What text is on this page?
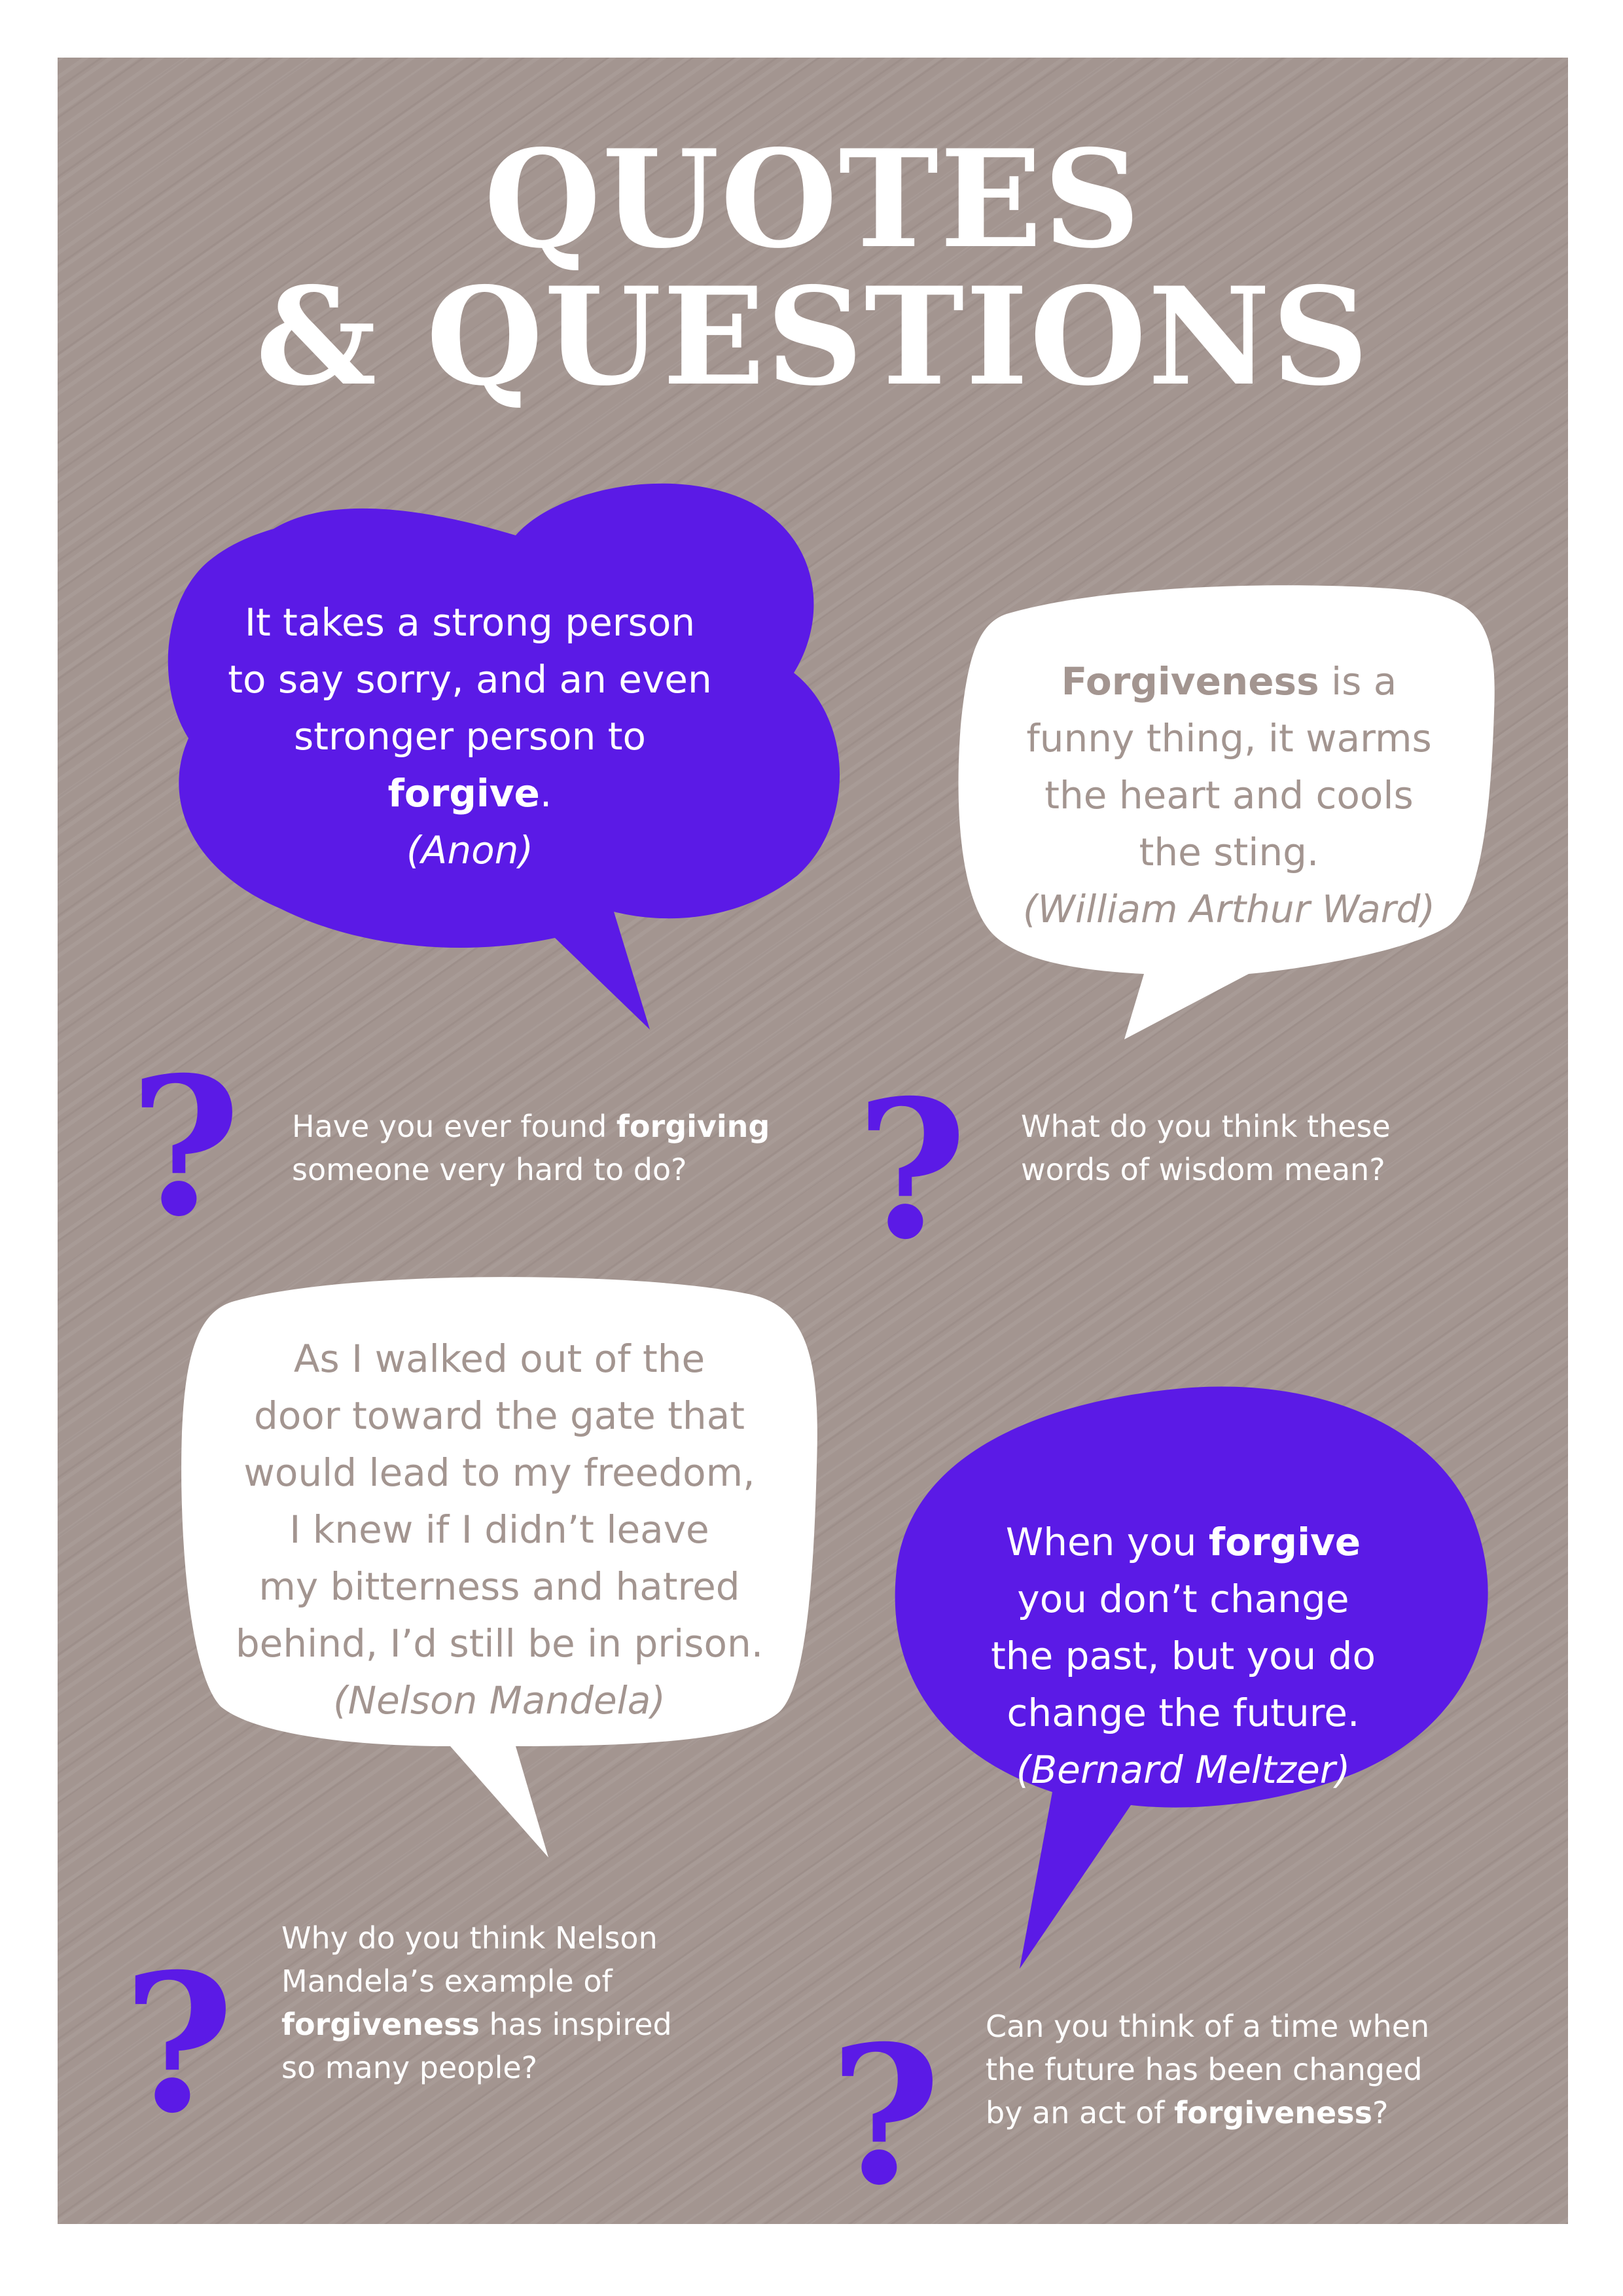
QUOTES
& QUESTIONS

It takes a strong person

to say sorry, and an even

stronger person to forgive.

(Anon)

Forgiveness is a

funny thing, it warms

the heart and cools

the sting.

(William Arthur Ward)

As I walked out of the

door toward the gate that

would lead to my freedom,

I knew if I didn’t leave

my bitterness and hatred

behind, I’d still be in prison.

(Nelson Mandela)

When you forgive

you don’t change

the past, but you do

change the future.

(Bernard Meltzer)

?	?
?	?

Have you ever found forgiving

someone very hard to do?

What do you think these

words of wisdom mean?

Why do you think Nelson

Mandela’s example of

forgiveness has inspired

so many people?

Can you think of a time when

the future has been changed

by an act of forgiveness?
